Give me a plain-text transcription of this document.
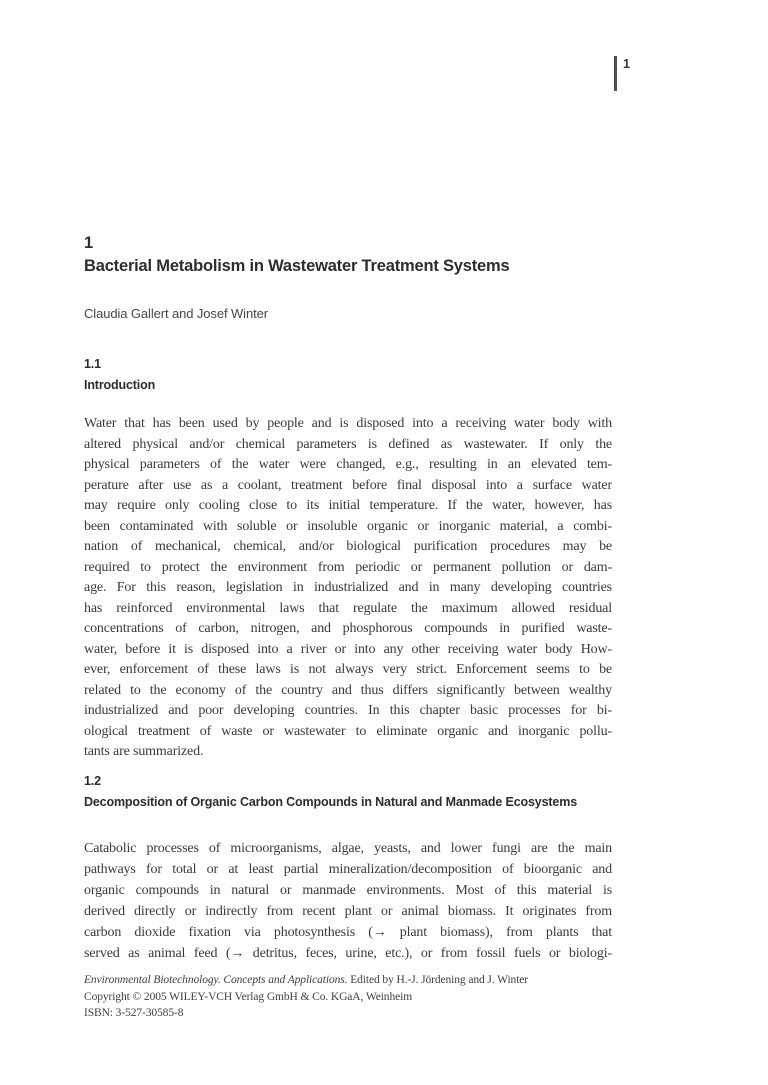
1
1
Bacterial Metabolism in Wastewater Treatment Systems
Claudia Gallert and Josef Winter
1.1
Introduction
Water that has been used by people and is disposed into a receiving water body with
altered physical and/or chemical parameters is defined as wastewater. If only the
physical parameters of the water were changed, e.g., resulting in an elevated tem-
perature after use as a coolant, treatment before final disposal into a surface water
may require only cooling close to its initial temperature. If the water, however, has
been contaminated with soluble or insoluble organic or inorganic material, a combi-
nation of mechanical, chemical, and/or biological purification procedures may be
required to protect the environment from periodic or permanent pollution or dam-
age. For this reason, legislation in industrialized and in many developing countries
has reinforced environmental laws that regulate the maximum allowed residual
concentrations of carbon, nitrogen, and phosphorous compounds in purified waste-
water, before it is disposed into a river or into any other receiving water body How-
ever, enforcement of these laws is not always very strict. Enforcement seems to be
related to the economy of the country and thus differs significantly between wealthy
industrialized and poor developing countries. In this chapter basic processes for bi-
ological treatment of waste or wastewater to eliminate organic and inorganic pollu-
tants are summarized.
1.2
Decomposition of Organic Carbon Compounds in Natural and Manmade Ecosystems
Catabolic processes of microorganisms, algae, yeasts, and lower fungi are the main
pathways for total or at least partial mineralization/decomposition of bioorganic and
organic compounds in natural or manmade environments. Most of this material is
derived directly or indirectly from recent plant or animal biomass. It originates from
carbon dioxide fixation via photosynthesis (→ plant biomass), from plants that
served as animal feed (→ detritus, feces, urine, etc.), or from fossil fuels or biologi-
Environmental Biotechnology. Concepts and Applications. Edited by H.-J. Jördening and J. Winter
Copyright © 2005 WILEY-VCH Verlag GmbH & Co. KGaA, Weinheim
ISBN: 3-527-30585-8
